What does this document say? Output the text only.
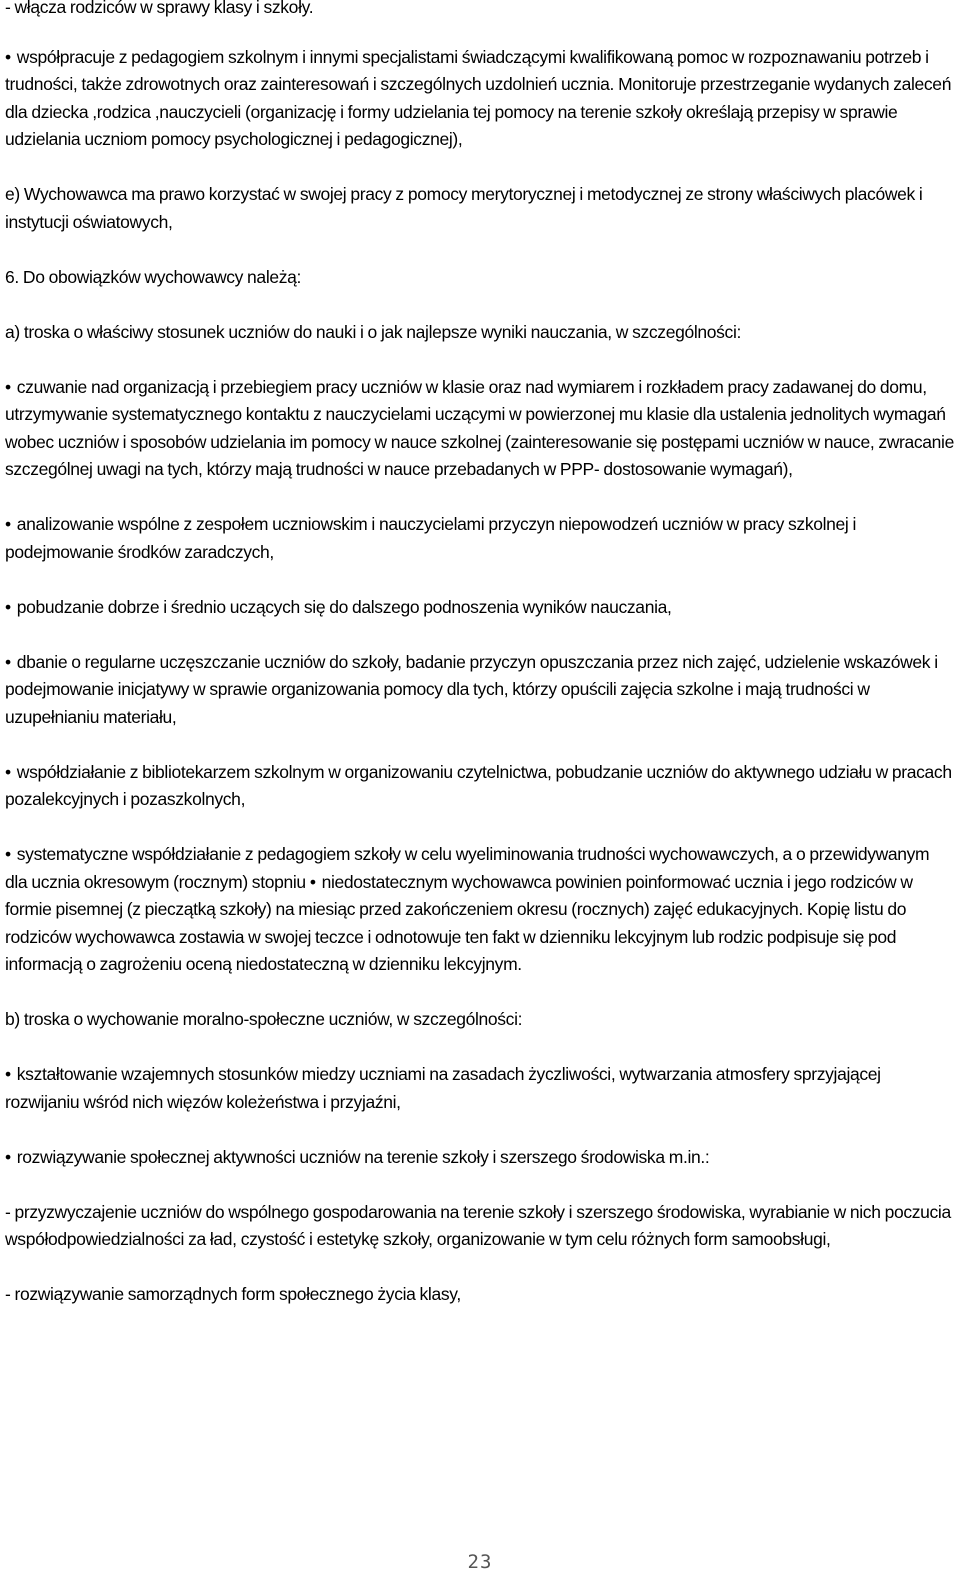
- włącza rodziców w sprawy klasy i szkoły.

• współpracuje z pedagogiem szkolnym i innymi specjalistami świadczącymi kwalifikowaną pomoc w rozpoznawaniu potrzeb i trudności, także zdrowotnych oraz zainteresowań i szczególnych uzdolnień ucznia. Monitoruje przestrzeganie wydanych zaleceń dla dziecka ,rodzica ,nauczycieli (organizację i formy udzielania tej pomocy na terenie szkoły określają przepisy w sprawie udzielania uczniom pomocy psychologicznej i pedagogicznej),

e) Wychowawca ma prawo korzystać w swojej pracy z pomocy merytorycznej i metodycznej ze strony właściwych placówek i instytucji oświatowych,

6. Do obowiązków wychowawcy należą:

a) troska o właściwy stosunek uczniów do nauki i o jak najlepsze wyniki nauczania, w szczególności:

• czuwanie nad organizacją i przebiegiem pracy uczniów w klasie oraz nad wymiarem i rozkładem pracy zadawanej do domu, utrzymywanie systematycznego kontaktu z nauczycielami uczącymi w powierzonej mu klasie dla ustalenia jednolitych wymagań wobec uczniów i sposobów udzielania im pomocy w nauce szkolnej (zainteresowanie się postępami uczniów w nauce, zwracanie szczególnej uwagi na tych, którzy mają trudności w nauce przebadanych w PPP- dostosowanie wymagań),

• analizowanie wspólne z zespołem uczniowskim i nauczycielami przyczyn niepowodzeń uczniów w pracy szkolnej i podejmowanie środków zaradczych,

• pobudzanie dobrze i średnio uczących się do dalszego podnoszenia wyników nauczania,

• dbanie o regularne uczęszczanie uczniów do szkoły, badanie przyczyn opuszczania przez nich zajęć, udzielenie wskazówek i podejmowanie inicjatywy w sprawie organizowania pomocy dla tych, którzy opuścili zajęcia szkolne i mają trudności w uzupełnianiu materiału,

• współdziałanie z bibliotekarzem szkolnym w organizowaniu czytelnictwa, pobudzanie uczniów do aktywnego udziału w pracach pozalekcyjnych i pozaszkolnych,

• systematyczne współdziałanie z pedagogiem szkoły w celu wyeliminowania trudności wychowawczych, a o przewidywanym dla ucznia okresowym (rocznym) stopniu • niedostatecznym wychowawca powinien poinformować ucznia i jego rodziców w formie pisemnej (z pieczątką szkoły) na miesiąc przed zakończeniem okresu (rocznych) zajęć edukacyjnych. Kopię listu do rodziców wychowawca zostawia w swojej teczce i odnotowuje ten fakt w dzienniku lekcyjnym lub rodzic podpisuje się pod informacją o zagrożeniu oceną niedostateczną w dzienniku lekcyjnym.

b) troska o wychowanie moralno-społeczne uczniów, w szczególności:

• kształtowanie wzajemnych stosunków miedzy uczniami na zasadach życzliwości, wytwarzania atmosfery sprzyjającej rozwijaniu wśród nich więzów koleżeństwa i przyjaźni,

• rozwiązywanie społecznej aktywności uczniów na terenie szkoły i szerszego środowiska m.in.:

- przyzwyczajenie uczniów do wspólnego gospodarowania na terenie szkoły i szerszego środowiska, wyrabianie w nich poczucia współodpowiedzialności za ład, czystość i estetykę szkoły, organizowanie w tym celu różnych form samoobsługi,

- rozwiązywanie samorządnych form społecznego życia klasy,

23
